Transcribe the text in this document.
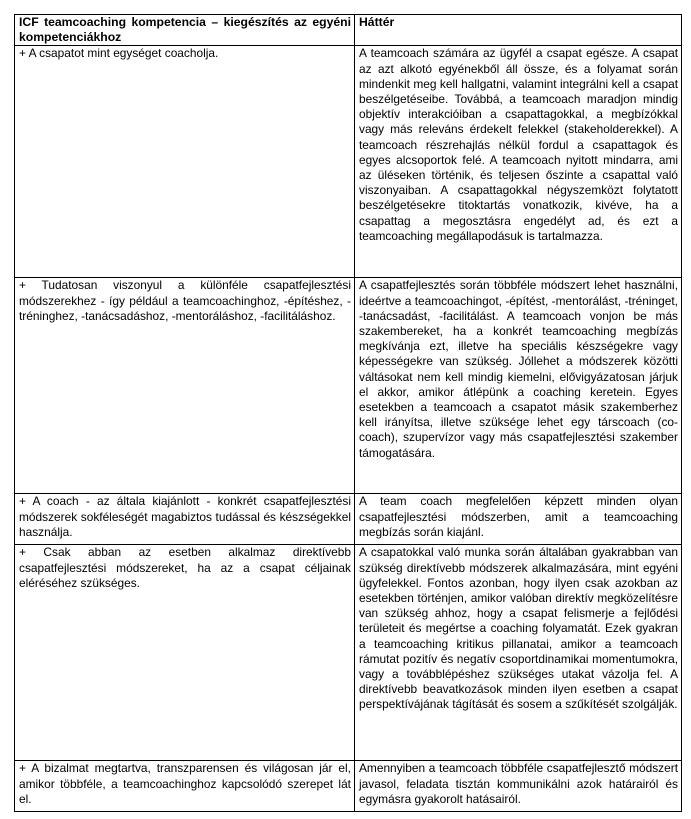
ICF teamcoaching kompetencia – kiegészítés az egyéni kompetenciákhoz	Háttér
+ A csapatot mint egységet coacholja.	A teamcoach számára az ügyfél a csapat egésze. A csapat az azt alkotó egyénekből áll össze, és a folyamat során mindenkit meg kell hallgatni, valamint integrálni kell a csapat beszélgetéseibe. Továbbá, a teamcoach maradjon mindig objektív interakcióiban a csapattagokkal, a megbízókkal vagy más releváns érdekelt felekkel (stakeholderekkel). A teamcoach részrehajlás nélkül fordul a csapattagok és egyes alcsoportok felé. A teamcoach nyitott mindarra, ami az üléseken történik, és teljesen őszinte a csapattal való viszonyaiban. A csapattagokkal négyszemközt folytatott beszélgetésekre titoktartás vonatkozik, kivéve, ha a csapattag a megosztásra engedélyt ad, és ezt a teamcoaching megállapodásuk is tartalmazza.
+ Tudatosan viszonyul a különféle csapatfejlesztési módszerekhez - így például a teamcoachinghoz, -építéshez, -tréninghez, -tanácsadáshoz, -mentoráláshoz, -facilitáláshoz.	A csapatfejlesztés során többféle módszert lehet használni, ideértve a teamcoachingot, -építést, -mentorálást, -tréninget, -tanácsadást, -facilitálást. A teamcoach vonjon be más szakembereket, ha a konkrét teamcoaching megbízás megkívánja ezt, illetve ha speciális készségekre vagy képességekre van szükség. Jóllehet a módszerek közötti váltásokat nem kell mindig kiemelni, elővigyázatosan járjuk el akkor, amikor átlépünk a coaching keretein. Egyes esetekben a teamcoach a csapatot másik szakemberhez kell irányítsa, illetve szüksége lehet egy társcoach (co-coach), szupervízor vagy más csapatfejlesztési szakember támogatására.
+ A coach - az általa kiajánlott - konkrét csapatfejlesztési módszerek sokféleségét magabiztos tudással és készségekkel használja.	A team coach megfelelően képzett minden olyan csapatfejlesztési módszerben, amit a teamcoaching megbízás során kiajánl.
+ Csak abban az esetben alkalmaz direktívebb csapatfejlesztési módszereket, ha az a csapat céljainak eléréséhez szükséges.	A csapatokkal való munka során általában gyakrabban van szükség direktívebb módszerek alkalmazására, mint egyéni ügyfelekkel. Fontos azonban, hogy ilyen csak azokban az esetekben történjen, amikor valóban direktív megközelítésre van szükség ahhoz, hogy a csapat felismerje a fejlődési területeit és megértse a coaching folyamatát. Ezek gyakran a teamcoaching kritikus pillanatai, amikor a teamcoach rámutat pozitív és negatív csoportdinamikai momentumokra, vagy a továbblépéshez szükséges utakat vázolja fel. A direktívebb beavatkozások minden ilyen esetben a csapat perspektívájának tágítását és sosem a szűkítését szolgálják.
+ A bizalmat megtartva, transzparensen és világosan jár el, amikor többféle, a teamcoachinghoz kapcsolódó szerepet lát el.	Amennyiben a teamcoach többféle csapatfejlesztő módszert javasol, feladata tisztán kommunikálni azok határairól és egymásra gyakorolt hatásairól.
